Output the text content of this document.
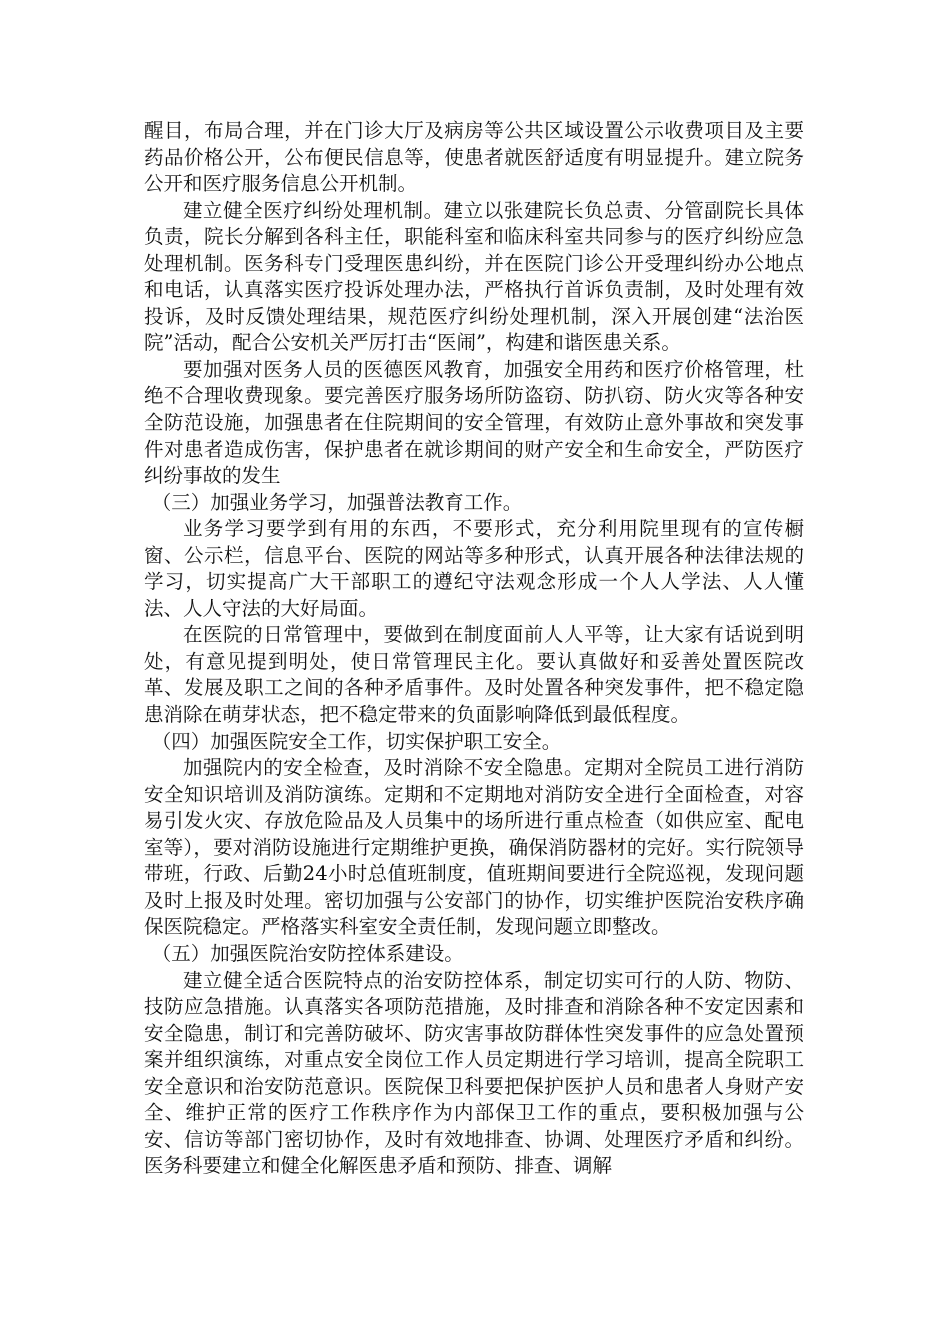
醒目，布局合理，并在门诊大厅及病房等公共区域设置公示收费项目及主要药品价格公开，公布便民信息等，使患者就医舒适度有明显提升。建立院务公开和医疗服务信息公开机制。

建立健全医疗纠纷处理机制。建立以张建院长负总责、分管副院长具体负责，院长分解到各科主任，职能科室和临床科室共同参与的医疗纠纷应急处理机制。医务科专门受理医患纠纷，并在医院门诊公开受理纠纷办公地点和电话，认真落实医疗投诉处理办法，严格执行首诉负责制，及时处理有效投诉，及时反馈处理结果，规范医疗纠纷处理机制，深入开展创建“法治医院”活动，配合公安机关严厉打击“医闹”，构建和谐医患关系。

要加强对医务人员的医德医风教育，加强安全用药和医疗价格管理，杜绝不合理收费现象。要完善医疗服务场所防盗窃、防扒窃、防火灾等各种安全防范设施，加强患者在住院期间的安全管理，有效防止意外事故和突发事件对患者造成伤害，保护患者在就诊期间的财产安全和生命安全，严防医疗纠纷事故的发生

（三）加强业务学习，加强普法教育工作。

业务学习要学到有用的东西，不要形式，充分利用院里现有的宣传橱窗、公示栏，信息平台、医院的网站等多种形式，认真开展各种法律法规的学习，切实提高广大干部职工的遵纪守法观念形成一个人人学法、人人懂法、人人守法的大好局面。

在医院的日常管理中，要做到在制度面前人人平等，让大家有话说到明处，有意见提到明处，使日常管理民主化。要认真做好和妥善处置医院改革、发展及职工之间的各种矛盾事件。及时处置各种突发事件，把不稳定隐患消除在萌芽状态，把不稳定带来的负面影响降低到最低程度。

（四）加强医院安全工作，切实保护职工安全。

加强院内的安全检查，及时消除不安全隐患。定期对全院员工进行消防安全知识培训及消防演练。定期和不定期地对消防安全进行全面检查，对容易引发火灾、存放危险品及人员集中的场所进行重点检查（如供应室、配电室等），要对消防设施进行定期维护更换，确保消防器材的完好。实行院领导带班，行政、后勤24小时总值班制度，值班期间要进行全院巡视，发现问题及时上报及时处理。密切加强与公安部门的协作，切实维护医院治安秩序确保医院稳定。严格落实科室安全责任制，发现问题立即整改。

（五）加强医院治安防控体系建设。

建立健全适合医院特点的治安防控体系，制定切实可行的人防、物防、技防应急措施。认真落实各项防范措施，及时排查和消除各种不安定因素和安全隐患，制订和完善防破坏、防灾害事故防群体性突发事件的应急处置预案并组织演练，对重点安全岗位工作人员定期进行学习培训，提高全院职工安全意识和治安防范意识。医院保卫科要把保护医护人员和患者人身财产安全、维护正常的医疗工作秩序作为内部保卫工作的重点，要积极加强与公安、信访等部门密切协作，及时有效地排查、协调、处理医疗矛盾和纠纷。医务科要建立和健全化解医患矛盾和预防、排查、调解
